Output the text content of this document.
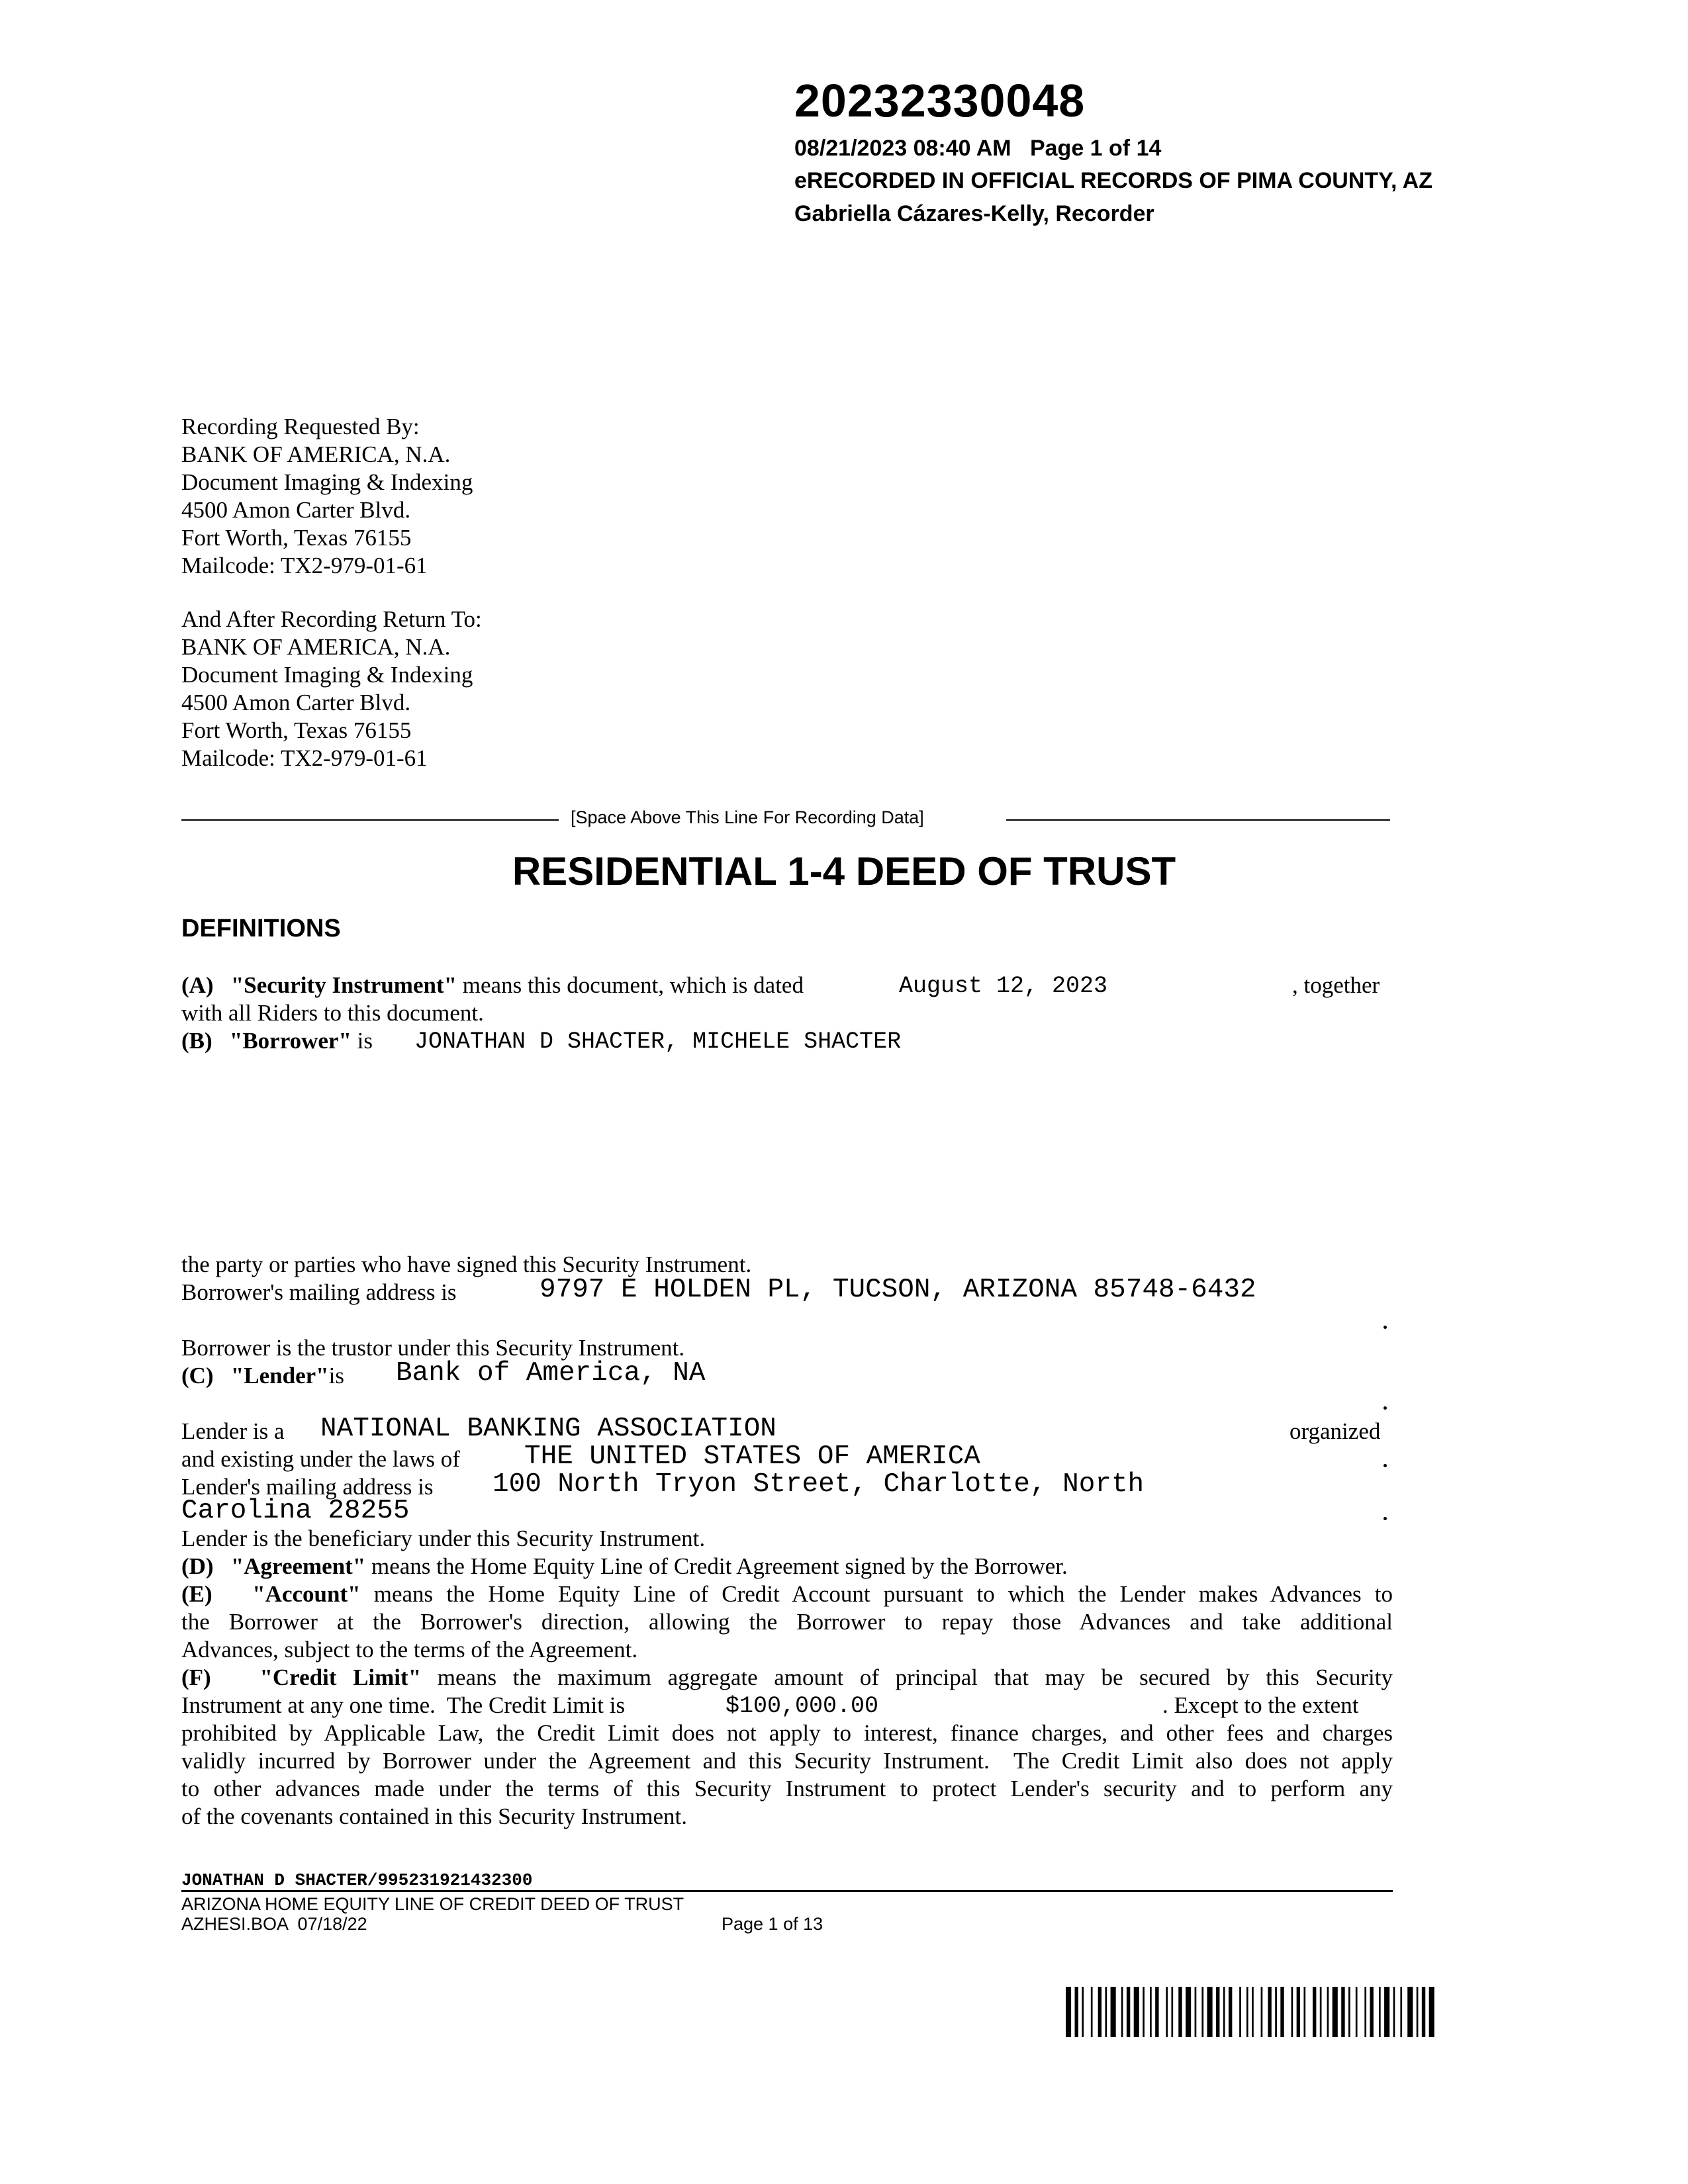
20232330048
08/21/2023 08:40 AM   Page 1 of 14
eRECORDED IN OFFICIAL RECORDS OF PIMA COUNTY, AZ
Gabriella Cázares-Kelly, Recorder
Recording Requested By:
BANK OF AMERICA, N.A.
Document Imaging & Indexing
4500 Amon Carter Blvd.
Fort Worth, Texas 76155
Mailcode: TX2-979-01-61
And After Recording Return To:
BANK OF AMERICA, N.A.
Document Imaging & Indexing
4500 Amon Carter Blvd.
Fort Worth, Texas 76155
Mailcode: TX2-979-01-61
[Space Above This Line For Recording Data]
RESIDENTIAL 1-4 DEED OF TRUST
DEFINITIONS
(A) "Security Instrument" means this document, which is dated	August 12, 2023	, together
with all Riders to this document.
(B) "Borrower" is JONATHAN D SHACTER, MICHELE SHACTER
the party or parties who have signed this Security Instrument.
Borrower's mailing address is	9797 E HOLDEN PL, TUCSON, ARIZONA 85748-6432
Borrower is the trustor under this Security Instrument.
(C) "Lender"is Bank of America, NA
Lender is a NATIONAL BANKING ASSOCIATION	organized
and existing under the laws of THE UNITED STATES OF AMERICA
Lender's mailing address is 100 North Tryon Street, Charlotte, North
Carolina 28255
Lender is the beneficiary under this Security Instrument.
(D) "Agreement" means the Home Equity Line of Credit Agreement signed by the Borrower.
(E) "Account" means the Home Equity Line of Credit Account pursuant to which the Lender makes Advances to
the Borrower at the Borrower's direction, allowing the Borrower to repay those Advances and take additional
Advances, subject to the terms of the Agreement.
(F) "Credit Limit" means the maximum aggregate amount of principal that may be secured by this Security
Instrument at any one time.  The Credit Limit is	$100,000.00	. Except to the extent
prohibited by Applicable Law, the Credit Limit does not apply to interest, finance charges, and other fees and charges
validly incurred by Borrower under the Agreement and this Security Instrument.  The Credit Limit also does not apply
to other advances made under the terms of this Security Instrument to protect Lender's security and to perform any
of the covenants contained in this Security Instrument.
JONATHAN D SHACTER/995231921432300
ARIZONA HOME EQUITY LINE OF CREDIT DEED OF TRUST
AZHESI.BOA  07/18/22	Page 1 of 13
